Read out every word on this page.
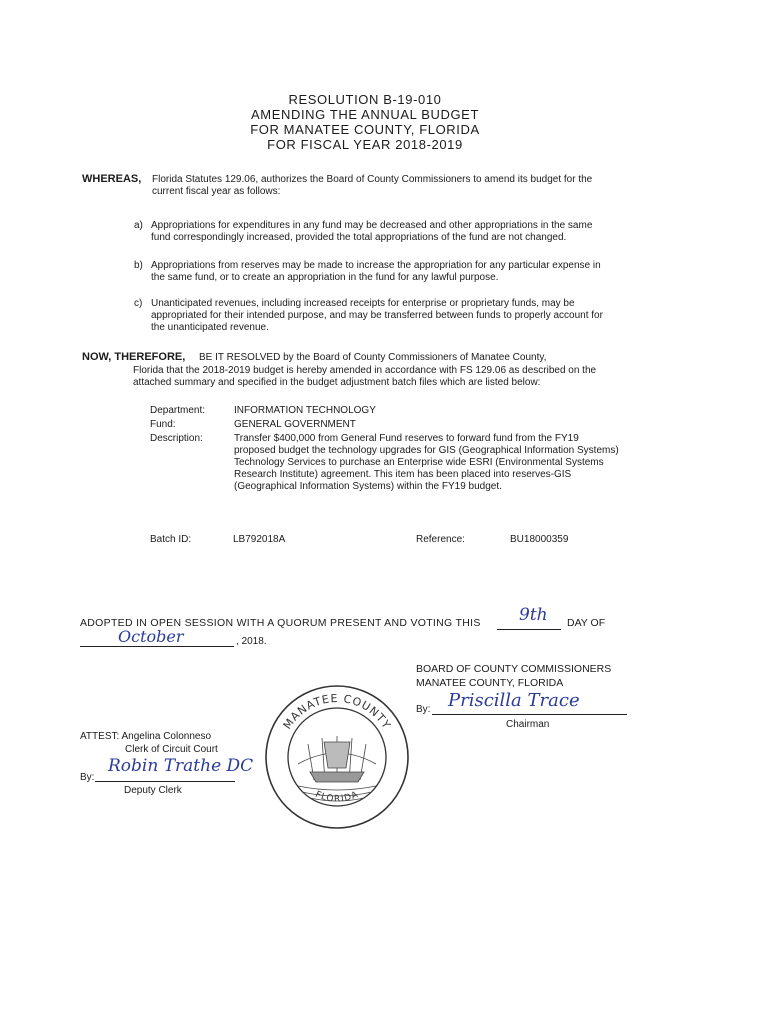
RESOLUTION B-19-010
AMENDING THE ANNUAL BUDGET
FOR MANATEE COUNTY, FLORIDA
FOR FISCAL YEAR 2018-2019
WHEREAS, Florida Statutes 129.06, authorizes the Board of County Commissioners to amend its budget for the
current fiscal year as follows:
a) Appropriations for expenditures in any fund may be decreased and other appropriations in the same
fund correspondingly increased, provided the total appropriations of the fund are not changed.
b) Appropriations from reserves may be made to increase the appropriation for any particular expense in
the same fund, or to create an appropriation in the fund for any lawful purpose.
c) Unanticipated revenues, including increased receipts for enterprise or proprietary funds, may be
appropriated for their intended purpose, and may be transferred between funds to properly account for
the unanticipated revenue.
NOW, THEREFORE, BE IT RESOLVED by the Board of County Commissioners of Manatee County,
Florida that the 2018-2019 budget is hereby amended in accordance with FS 129.06 as described on the
attached summary and specified in the budget adjustment batch files which are listed below:
Department:	INFORMATION TECHNOLOGY
Fund:	GENERAL GOVERNMENT
Description:	Transfer $400,000 from General Fund reserves to forward fund from the FY19
proposed budget the technology upgrades for GIS (Geographical Information Systems)
Technology Services to purchase an Enterprise wide ESRI (Environmental Systems
Research Institute) agreement. This item has been placed into reserves-GIS
(Geographical Information Systems) within the FY19 budget.
Batch ID:	LB792018A	Reference:	BU18000359
ADOPTED IN OPEN SESSION WITH A QUORUM PRESENT AND VOTING THIS 9th DAY OF
October	, 2018.
BOARD OF COUNTY COMMISSIONERS
MANATEE COUNTY, FLORIDA
By: Priscilla Trace
Chairman
ATTEST: Angelina Colonneso
Clerk of Circuit Court
By:
Robin Trathe DC
Deputy Clerk
MANATEE COUNTY
FLORIDA
